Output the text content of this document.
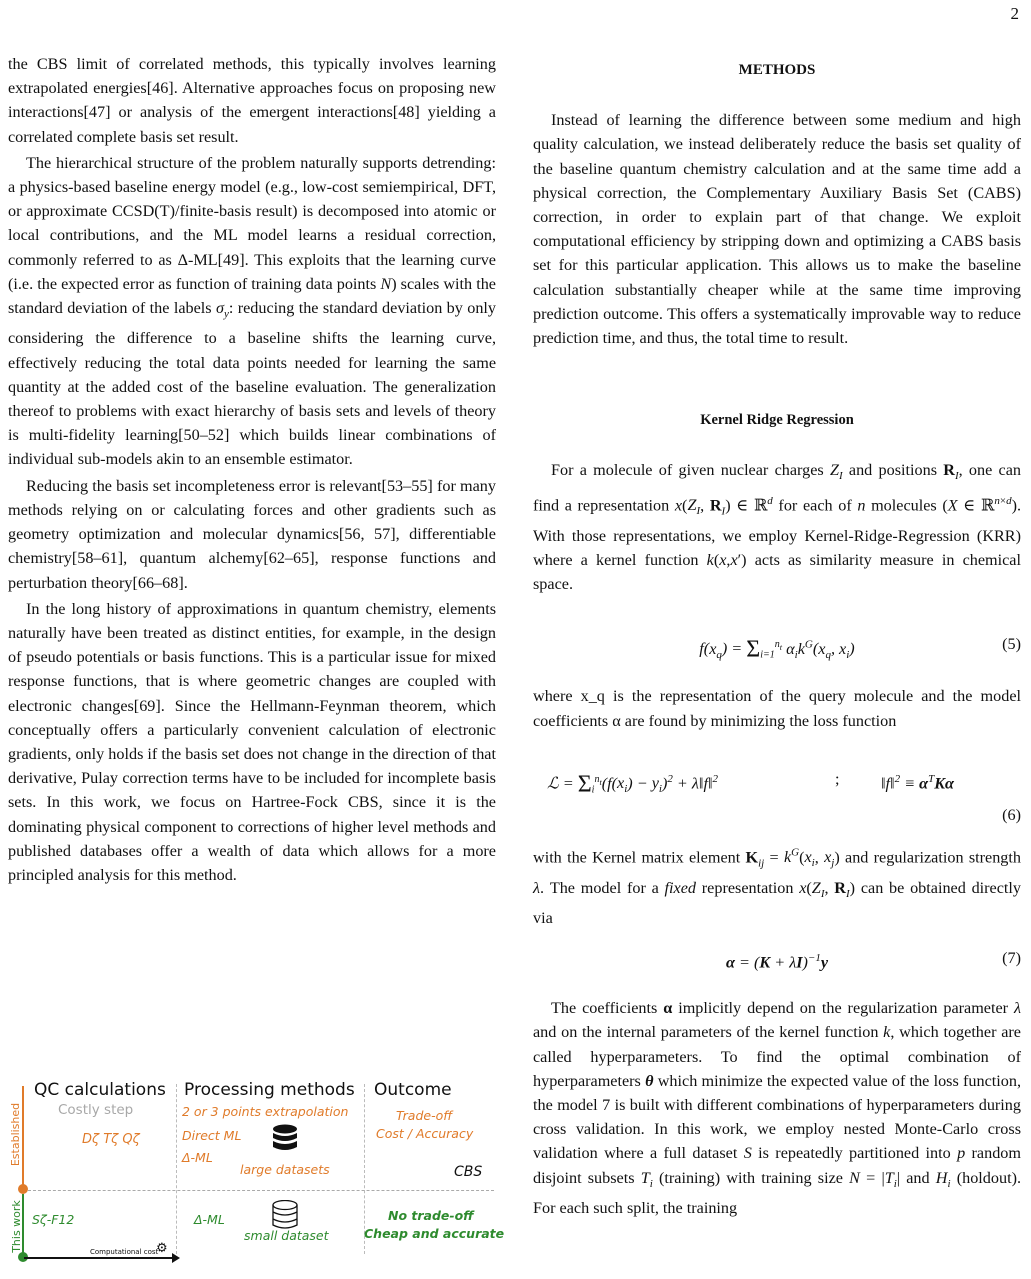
2

the CBS limit of correlated methods, this typically involves learning extrapolated energies[46]. Alternative approaches focus on proposing new interactions[47] or analysis of the emergent interactions[48] yielding a correlated complete basis set result.

The hierarchical structure of the problem naturally supports detrending: a physics-based baseline energy model (e.g., low-cost semiempirical, DFT, or approximate CCSD(T)/finite-basis result) is decomposed into atomic or local contributions, and the ML model learns a residual correction, commonly referred to as Δ-ML[49]. This exploits that the learning curve (i.e. the expected error as function of training data points N) scales with the standard deviation of the labels $\sigma_y$: reducing the standard deviation by only considering the difference to a baseline shifts the learning curve, effectively reducing the total data points needed for learning the same quantity at the added cost of the baseline evaluation. The generalization thereof to problems with exact hierarchy of basis sets and levels of theory is multi-fidelity learning[50–52] which builds linear combinations of individual sub-models akin to an ensemble estimator.

Reducing the basis set incompleteness error is relevant[53–55] for many methods relying on or calculating forces and other gradients such as geometry optimization and molecular dynamics[56, 57], differentiable chemistry[58–61], quantum alchemy[62–65], response functions and perturbation theory[66–68].

In the long history of approximations in quantum chemistry, elements naturally have been treated as distinct entities, for example, in the design of pseudo potentials or basis functions. This is a particular issue for mixed response functions, that is where geometric changes are coupled with electronic changes[69]. Since the Hellmann-Feynman theorem, which conceptually offers a particularly convenient calculation of electronic gradients, only holds if the basis set does not change in the direction of that derivative, Pulay correction terms have to be included for incomplete basis sets. In this work, we focus on Hartree-Fock CBS, since it is the dominating physical component to corrections of higher level methods and published databases offer a wealth of data which allows for a more principled analysis for this method.

METHODS

Instead of learning the difference between some medium and high quality calculation, we instead deliberately reduce the basis set quality of the baseline quantum chemistry calculation and at the same time add a physical correction, the Complementary Auxiliary Basis Set (CABS) correction, in order to explain part of that change. We exploit computational efficiency by stripping down and optimizing a CABS basis set for this particular application. This allows us to make the baseline calculation substantially cheaper while at the same time improving prediction outcome. This offers a systematically improvable way to reduce prediction time, and thus, the total time to result.

Kernel Ridge Regression

For a molecule of given nuclear charges $Z_I$ and positions $R_I$, one can find a representation $x(Z_I$, $R_I$) ∈ ℝ$^d$ for each of n molecules (X ∈ ℝ$^{n\times d}$). With those representations, we employ Kernel-Ridge-Regression (KRR) where a kernel function k(x,x′) acts as similarity measure in chemical space.

$f(x_q) = \Sigma_{i=1}^{n_t}$ $\alpha_ik^G(x_q$, $x_i$)	(5)

where x_q is the representation of the query molecule and the model coefficients α are found by minimizing the loss function

ℒ = $\Sigma_i^{n_t}(f(x_i) - y_i)^2$ + λ‖f‖$^2$	;	‖f‖$^2$ ≡ $\alpha^TK\alpha$
(6)

with the Kernel matrix element $K_{ij} = k^G(x_i$, $x_j$) and regularization strength λ. The model for a fixed representation $x(Z_I$, $R_I$) can be obtained directly via

$\alpha = (K + \lambda I)^{-1}y$	(7)

The coefficients α implicitly depend on the regularization parameter λ and on the internal parameters of the kernel function k, which together are called hyperparameters. To find the optimal combination of hyperparameters θ which minimize the expected value of the loss function, the model 7 is built with different combinations of hyperparameters during cross validation. In this work, we employ nested Monte-Carlo cross validation where a full dataset S is repeatedly partitioned into p random disjoint subsets $T_i$ (training) with training size $N = |T_i|$ and $H_i$ (holdout). For each such split, the training

QC calculations Processing methods Outcome
Established
This work
Costly step
Dζ Tζ Qζ
2 or 3 points extrapolation
Direct ML
Δ-ML
large datasets
Trade-off
Cost / Accuracy
CBS
Sζ-F12	Δ-ML
small dataset
No trade-off
Cheap and accurate
Computational cost
⚙
